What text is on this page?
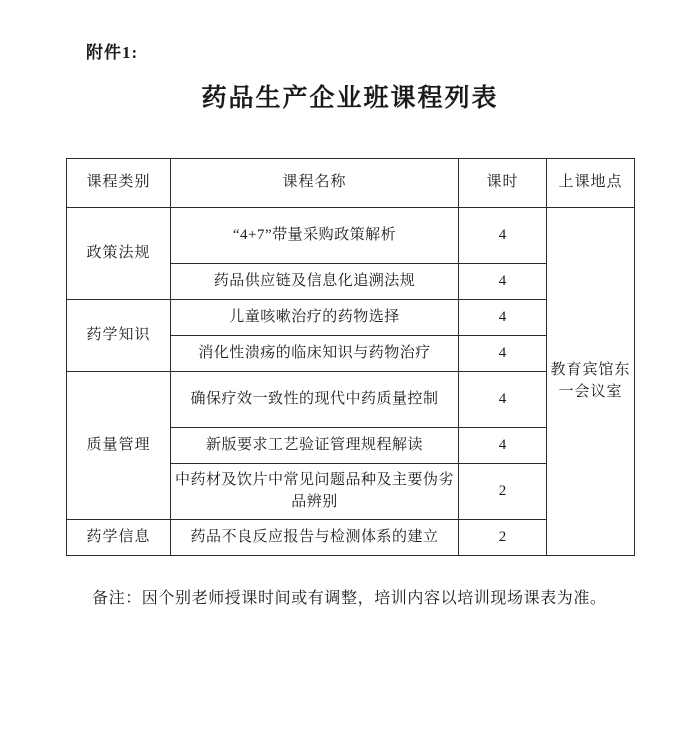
附件1:
药品生产企业班课程列表
课程类别	课程名称	课时	上课地点
政策法规	“4+7”带量采购政策解析	4	教育宾馆东一会议室
	药品供应链及信息化追溯法规	4	
药学知识	儿童咳嗽治疗的药物选择	4	
	消化性溃疡的临床知识与药物治疗	4	
质量管理	确保疗效一致性的现代中药质量控制	4	
	新版要求工艺验证管理规程解读	4	
	中药材及饮片中常见问题品种及主要伪劣品辨别	2	
药学信息	药品不良反应报告与检测体系的建立	2	
备注：因个别老师授课时间或有调整，培训内容以培训现场课表为准。
